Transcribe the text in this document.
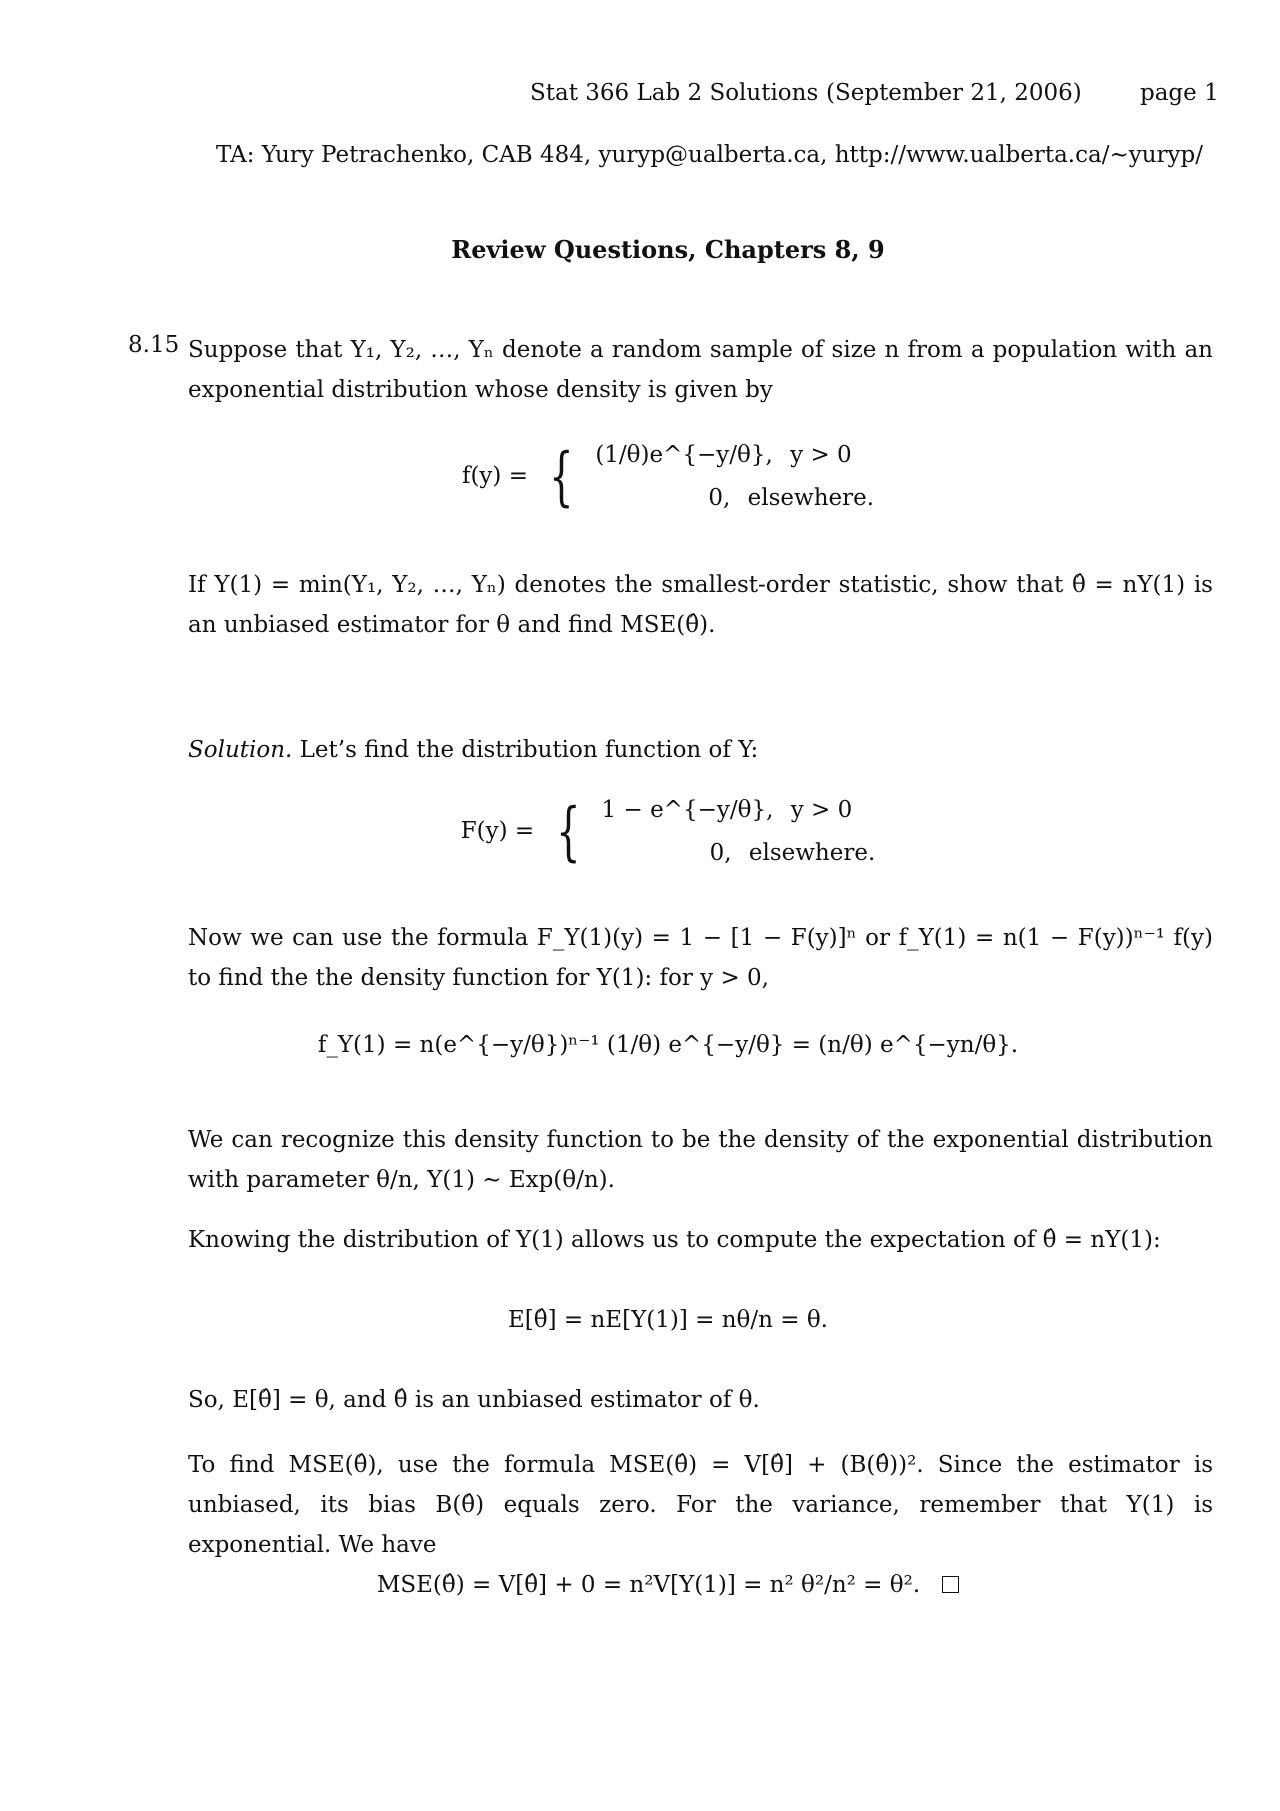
Stat 366 Lab 2 Solutions (September 21, 2006)	page 1
TA: Yury Petrachenko, CAB 484, yuryp@ualberta.ca, http://www.ualberta.ca/∼yuryp/
Review Questions, Chapters 8, 9
8.15 Suppose that Y₁, Y₂, …, Yₙ denote a random sample of size n from a population with an exponential distribution whose density is given by
f(y) = { (1/θ)e^{−y/θ}, y > 0
0, elsewhere.
If Y(1) = min(Y₁, Y₂, …, Yₙ) denotes the smallest-order statistic, show that θ̂ = nY(1) is an unbiased estimator for θ and find MSE(θ̂).
Solution. Let’s find the distribution function of Y:
F(y) = { 1 − e^{−y/θ}, y > 0
0, elsewhere.
Now we can use the formula F_Y(1)(y) = 1 − [1 − F(y)]ⁿ or f_Y(1) = n(1 − F(y))ⁿ⁻¹ f(y) to find the the density function for Y(1): for y > 0,
f_Y(1) = n(e^{−y/θ})ⁿ⁻¹ (1/θ) e^{−y/θ} = (n/θ) e^{−yn/θ}.
We can recognize this density function to be the density of the exponential distribution with parameter θ/n, Y(1) ∼ Exp(θ/n).
Knowing the distribution of Y(1) allows us to compute the expectation of θ̂ = nY(1):
E[θ̂] = nE[Y(1)] = nθ/n = θ.
So, E[θ̂] = θ, and θ̂ is an unbiased estimator of θ.
To find MSE(θ̂), use the formula MSE(θ̂) = V[θ̂] + (B(θ̂))². Since the estimator is unbiased, its bias B(θ̂) equals zero. For the variance, remember that Y(1) is exponential. We have
MSE(θ̂) = V[θ̂] + 0 = n²V[Y(1)] = n² θ²/n² = θ².
